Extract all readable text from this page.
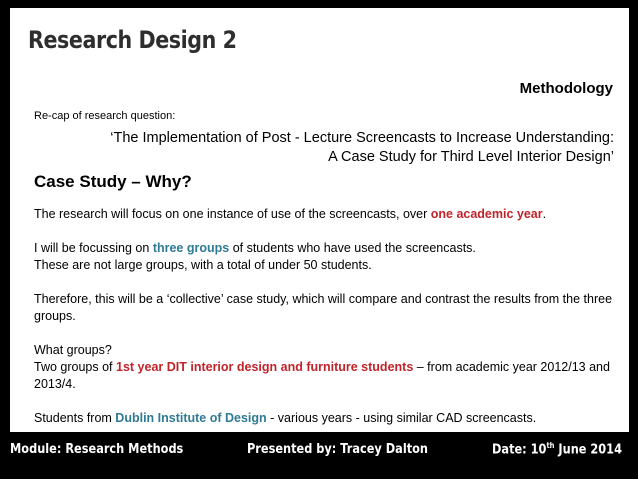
Research Design 2
Methodology
Re-cap of research question:
‘The Implementation of Post - Lecture Screencasts to Increase Understanding:
A Case Study for Third Level Interior Design’
Case Study – Why?

The research will focus on one instance of use of the screencasts, over one academic year.

I will be focussing on three groups of students who have used the screencasts.
These are not large groups, with a total of under 50 students.

Therefore, this will be a ‘collective’ case study, which will compare and contrast the results from the three groups.

What groups?
Two groups of 1st year DIT interior design and furniture students – from academic year 2012/13 and 2013/4.

Students from Dublin Institute of Design - various years - using similar CAD screencasts.

Module: Research Methods	Presented by: Tracey Dalton	Date: 10th June 2014
